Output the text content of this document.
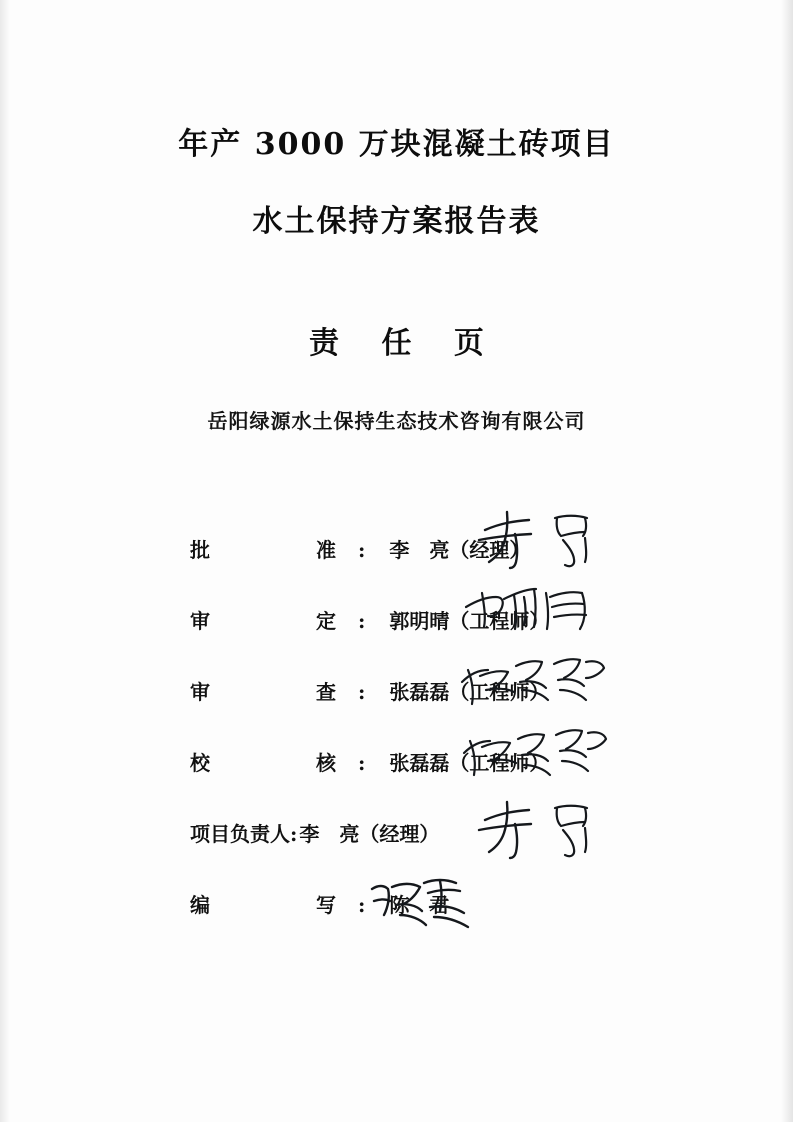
年产 3000 万块混凝土砖项目
水土保持方案报告表
责 任 页
岳阳绿源水土保持生态技术咨询有限公司
批　　准: 李　亮（经理）
审　　定: 郭明晴（工程师）
审　　查: 张磊磊（工程师）
校　　核: 张磊磊（工程师）
项目负责人: 李　亮（经理）
编　　写: 陈　君
